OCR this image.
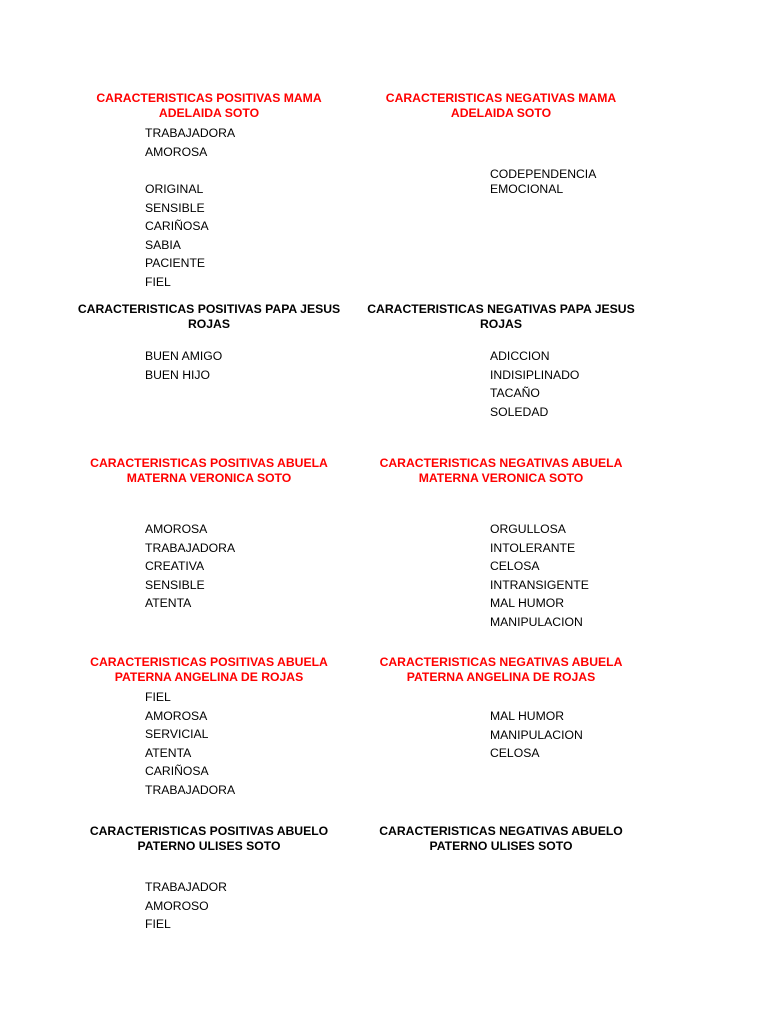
CARACTERISTICAS POSITIVAS MAMA ADELAIDA SOTO
CARACTERISTICAS NEGATIVAS MAMA ADELAIDA SOTO
TRABAJADORA
AMOROSA
ORIGINAL
SENSIBLE
CARIÑOSA
SABIA
PACIENTE
FIEL
CODEPENDENCIA
EMOCIONAL
CARACTERISTICAS POSITIVAS PAPA JESUS ROJAS
CARACTERISTICAS NEGATIVAS PAPA JESUS ROJAS
BUEN AMIGO
BUEN HIJO
ADICCION
INDISIPLINADO
TACAÑO
SOLEDAD
CARACTERISTICAS POSITIVAS ABUELA MATERNA VERONICA SOTO
CARACTERISTICAS NEGATIVAS ABUELA MATERNA VERONICA SOTO
AMOROSA
TRABAJADORA
CREATIVA
SENSIBLE
ATENTA
ORGULLOSA
INTOLERANTE
CELOSA
INTRANSIGENTE
MAL HUMOR
MANIPULACION
CARACTERISTICAS POSITIVAS ABUELA PATERNA ANGELINA DE ROJAS
CARACTERISTICAS NEGATIVAS ABUELA PATERNA ANGELINA DE ROJAS
FIEL
AMOROSA
SERVICIAL
ATENTA
CARIÑOSA
TRABAJADORA
MAL HUMOR
MANIPULACION
CELOSA
CARACTERISTICAS POSITIVAS ABUELO PATERNO ULISES SOTO
CARACTERISTICAS NEGATIVAS ABUELO PATERNO ULISES SOTO
TRABAJADOR
AMOROSO
FIEL
